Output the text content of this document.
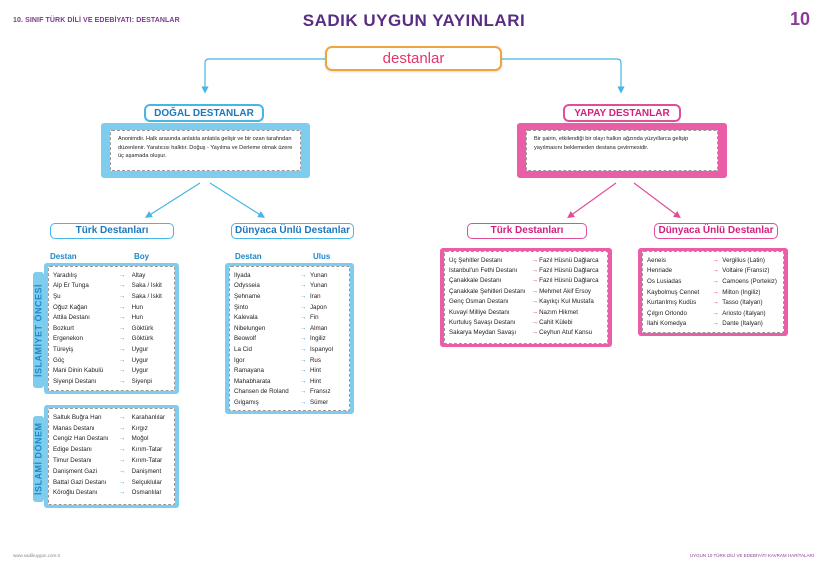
10. SINIF TÜRK DİLİ VE EDEBİYATI: DESTANLAR	SADIK UYGUN YAYINLARI	10
destanlar
DOĞAL DESTANLAR
Anonimdir. Halk arasında anlatıla anlatıla gelişir ve bir ozan tarafından düzenlenir. Yaratıcısı halktır. Doğuş - Yayılma ve Derleme olmak üzere üç aşamada oluşur.
Türk Destanları
Destan	Boy
İSLAMİYET ÖNCESİ
Yaradılış	→	Altay
Alp Er Tunga	→	Saka / İskit
Şu	→	Saka / İskit
Oğuz Kağan	→	Hun
Attila Destanı	→	Hun
Bozkurt	→	Göktürk
Ergenekon	→	Göktürk
Türeyiş	→	Uygur
Göç	→	Uygur
Mani Dinin Kabulü	→	Uygur
Siyenpi Destanı	→	Siyenpi
İSLAMİ DÖNEM
Saltuk Buğra Han	→	Karahanlılar
Manas Destanı	→	Kırgız
Cengiz Han Destanı	→	Moğol
Edige Destanı	→	Kırım-Tatar
Timur Destanı	→	Kırım-Tatar
Danişment Gazi	→	Danişment
Battal Gazi Destanı	→	Selçuklular
Köroğlu Destanı	→	Osmanlılar
Dünyaca Ünlü Destanlar
Destan	Ulus
İlyada	→ Yunan
Odysseia	→ Yunan
Şehname	→ İran
Şinto	→ Japon
Kalevala	→ Fin
Nibelungen	→ Alman
Beowolf	→ İngiliz
La Cid	→ İspanyol
İgor	→ Rus
Ramayana	→ Hint
Mahabharata	→ Hint
Chansen de Roland	→ Fransız
Gılgamış	→ Sümer
YAPAY DESTANLAR
Bir şairin, etkilendiği bir olayı halkın ağzında yüzyıllarca gelişip yayılmasını beklemeden destana çevirmesidir.
Türk Destanları
Üç Şehitler Destanı	→ Fazıl Hüsnü Dağlarca
İstanbul'un Fethi Destanı	→ Fazıl Hüsnü Dağlarca
Çanakkale Destanı	→ Fazıl Hüsnü Dağlarca
Çanakkale Şehitleri Destanı → Mehmet Âkif Ersoy
Genç Osman Destanı	→ Kayıkçı Kul Mustafa
Kuvayi Milliye Destanı	→ Nazım Hikmet
Kurtuluş Savaşı Destanı	→ Cahit Külebi
Sakarya Meydan Savaşı	→ Ceyhun Atuf Kansu
Dünyaca Ünlü Destanlar
Aeneis	→ Vergilius (Latin)
Henriade	→ Voltaire (Fransız)
Os Lusiadas	→ Camoens (Portekiz)
Kaybolmuş Cennet	→ Milton (İngiliz)
Kurtarılmış Kudüs	→ Tasso (İtalyan)
Çılgın Orlondo	→ Ariosto (İtalyan)
İlahi Komedya	→ Dante (İtalyan)
www.sadikuygun.com.tr	UYGUN 10 TÜRK DİLİ VE EDEBİYATI KAVRAM HARİTALARI
